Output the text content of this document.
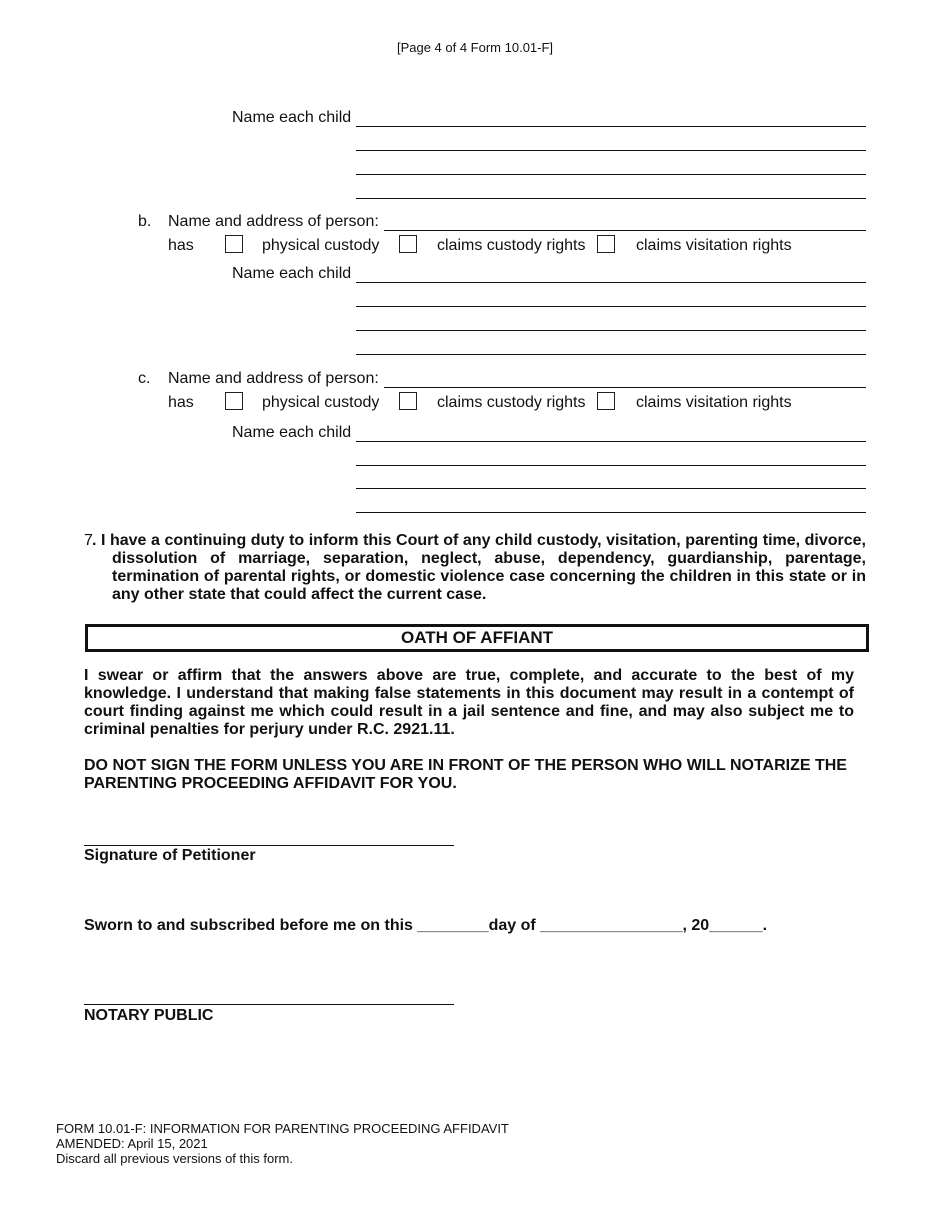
[Page 4 of 4 Form 10.01-F]
Name each child
b. Name and address of person:
has	physical custody	claims custody rights	claims visitation rights
Name each child
c. Name and address of person:
has	physical custody	claims custody rights	claims visitation rights
Name each child
7 . I have a continuing duty to inform this Court of any child custody, visitation, parenting time, divorce, dissolution of marriage, separation, neglect, abuse, dependency, guardianship, parentage, termination of parental rights, or domestic violence case concerning the children in this state or in any other state that could affect the current case.
OATH OF AFFIANT
I swear or affirm that the answers above are true, complete, and accurate to the best of my knowledge. I understand that making false statements in this document may result in a contempt of court finding against me which could result in a jail sentence and fine, and may also subject me to criminal penalties for perjury under R.C. 2921.11.
DO NOT SIGN THE FORM UNLESS YOU ARE IN FRONT OF THE PERSON WHO WILL NOTARIZE THE PARENTING PROCEEDING AFFIDAVIT FOR YOU.
Signature of Petitioner
Sworn to and subscribed before me on this ________day of ________________, 20______.
NOTARY PUBLIC
FORM 10.01-F: INFORMATION FOR PARENTING PROCEEDING AFFIDAVIT
AMENDED: April 15, 2021
Discard all previous versions of this form.
